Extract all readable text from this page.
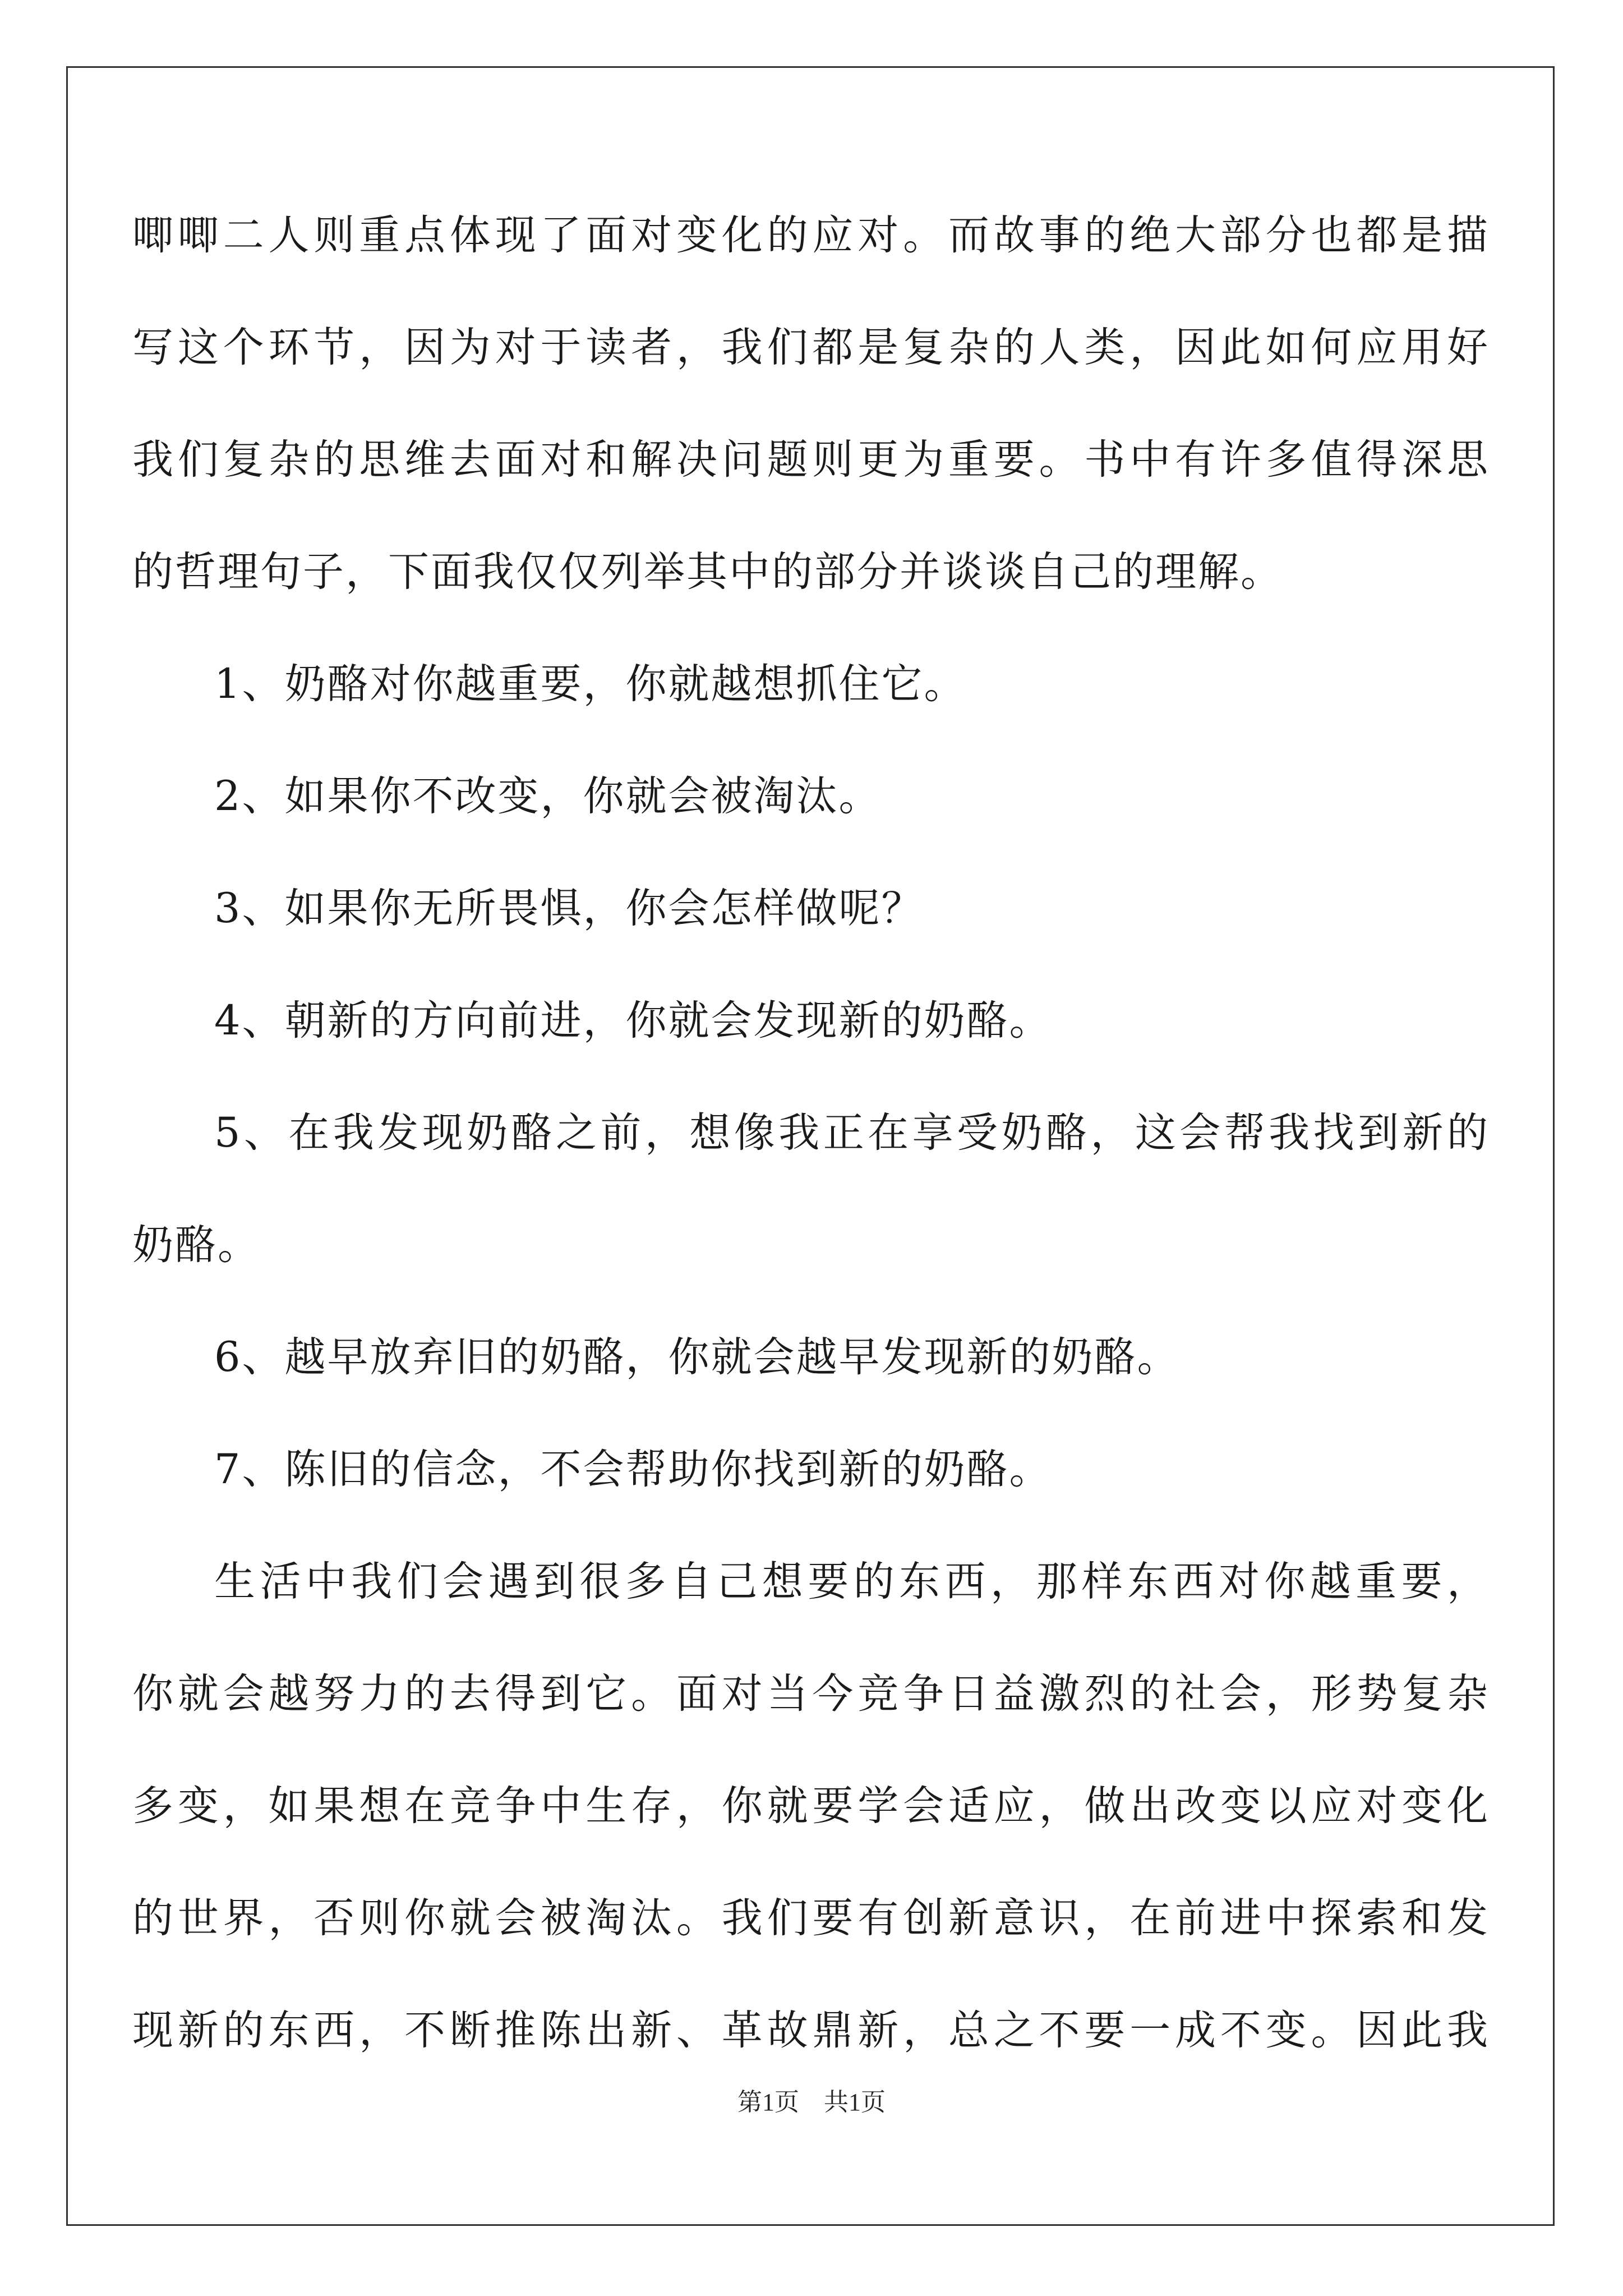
唧唧二人则重点体现了面对变化的应对。而故事的绝大部分也都是描
写这个环节，因为对于读者，我们都是复杂的人类，因此如何应用好
我们复杂的思维去面对和解决问题则更为重要。书中有许多值得深思
的哲理句子，下面我仅仅列举其中的部分并谈谈自己的理解。
1、奶酪对你越重要，你就越想抓住它。
2、如果你不改变，你就会被淘汰。
3、如果你无所畏惧，你会怎样做呢？
4、朝新的方向前进，你就会发现新的奶酪。
5、在我发现奶酪之前，想像我正在享受奶酪，这会帮我找到新的
奶酪。
6、越早放弃旧的奶酪，你就会越早发现新的奶酪。
7、陈旧的信念，不会帮助你找到新的奶酪。
生活中我们会遇到很多自己想要的东西，那样东西对你越重要，
你就会越努力的去得到它。面对当今竞争日益激烈的社会，形势复杂
多变，如果想在竞争中生存，你就要学会适应，做出改变以应对变化
的世界，否则你就会被淘汰。我们要有创新意识，在前进中探索和发
现新的东西，不断推陈出新、革故鼎新，总之不要一成不变。因此我
第1页　共1页
